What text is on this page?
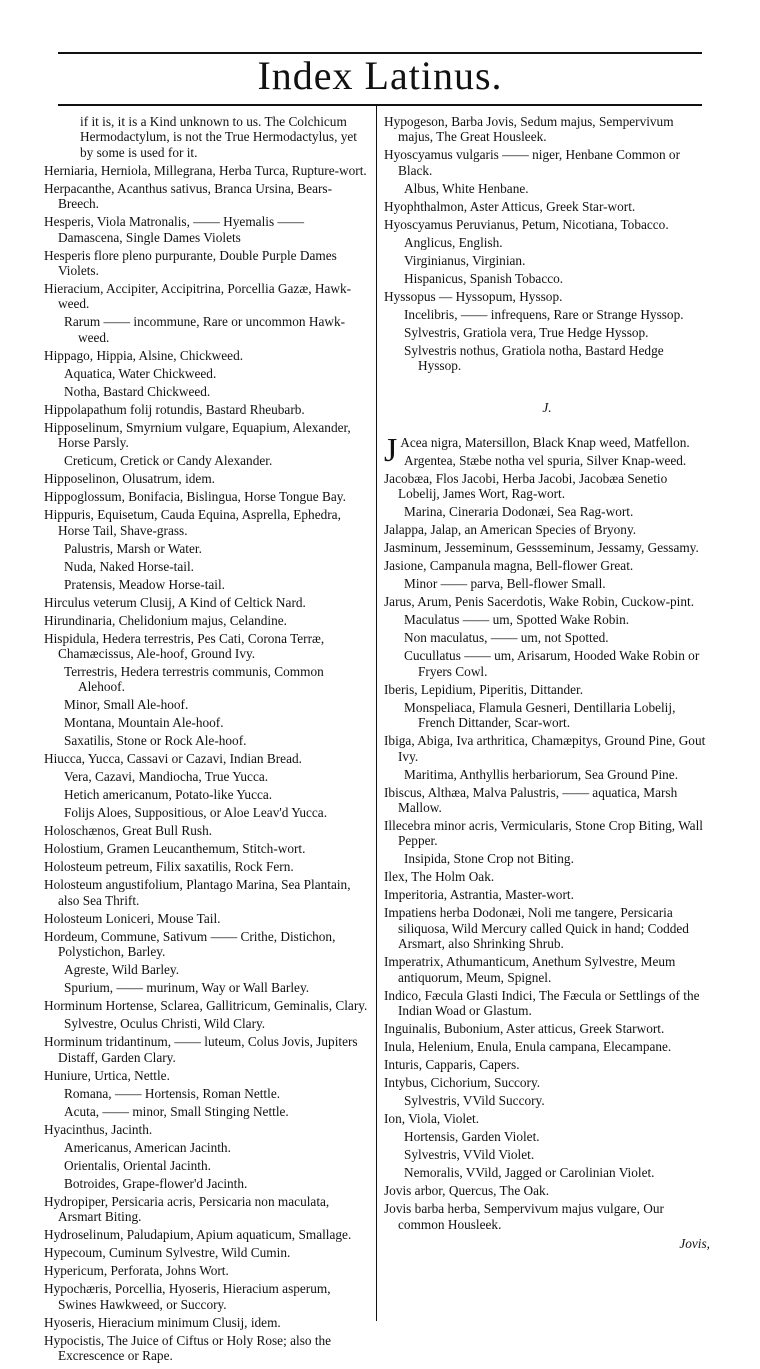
Index Latinus.
if it is, it is a Kind unknown to us. The Colchicum Hermodactylum, is not the True Hermodactylus, yet by some is used for it.
Herniaria, Herniola, Millegrana, Herba Turca, Rupture-wort.
Herpacanthe, Acanthus sativus, Branca Ursina, Bears-Breech.
Hesperis, Viola Matronalis, —— Hyemalis —— Damascena, Single Dames Violets
Hesperis flore pleno purpurante, Double Purple Dames Violets.
Hieracium, Accipiter, Accipitrina, Porcellia Gazæ, Hawk-weed.
Rarum —— incommune, Rare or uncommon Hawk-weed.
Hippago, Hippia, Alsine, Chickweed.
Aquatica, Water Chickweed.
Notha, Bastard Chickweed.
Hippolapathum folij rotundis, Bastard Rheubarb.
Hipposelinum, Smyrnium vulgare, Equapium, Alexander, Horse Parsly.
Creticum, Cretick or Candy Alexander.
Hipposelinon, Olusatrum, idem.
Hippoglossum, Bonifacia, Bislingua, Horse Tongue Bay.
Hippuris, Equisetum, Cauda Equina, Asprella, Ephedra, Horse Tail, Shave-grass.
Palustris, Marsh or Water.
Nuda, Naked Horse-tail.
Pratensis, Meadow Horse-tail.
Hirculus veterum Clusij, A Kind of Celtick Nard.
Hirundinaria, Chelidonium majus, Celandine.
Hispidula, Hedera terrestris, Pes Cati, Corona Terræ, Chamæcissus, Ale-hoof, Ground Ivy.
Terrestris, Hedera terrestris communis, Common Alehoof.
Minor, Small Ale-hoof.
Montana, Mountain Ale-hoof.
Saxatilis, Stone or Rock Ale-hoof.
Hiucca, Yucca, Cassavi or Cazavi, Indian Bread.
Vera, Cazavi, Mandiocha, True Yucca.
Hetich americanum, Potato-like Yucca.
Folijs Aloes, Suppositious, or Aloe Leav'd Yucca.
Holoschænos, Great Bull Rush.
Holostium, Gramen Leucanthemum, Stitch-wort.
Holosteum petreum, Filix saxatilis, Rock Fern.
Holosteum angustifolium, Plantago Marina, Sea Plantain, also Sea Thrift.
Holosteum Loniceri, Mouse Tail.
Hordeum, Commune, Sativum —— Crithe, Distichon, Polystichon, Barley.
Agreste, Wild Barley.
Spurium, —— murinum, Way or Wall Barley.
Horminum Hortense, Sclarea, Gallitricum, Geminalis, Clary.
Sylvestre, Oculus Christi, Wild Clary.
Horminum tridantinum, —— luteum, Colus Jovis, Jupiters Distaff, Garden Clary.
Huniure, Urtica, Nettle.
Romana, —— Hortensis, Roman Nettle.
Acuta, —— minor, Small Stinging Nettle.
Hyacinthus, Jacinth.
Americanus, American Jacinth.
Orientalis, Oriental Jacinth.
Botroides, Grape-flower'd Jacinth.
Hydropiper, Persicaria acris, Persicaria non maculata, Arsmart Biting.
Hydroselinum, Paludapium, Apium aquaticum, Smallage.
Hypecoum, Cuminum Sylvestre, Wild Cumin.
Hypericum, Perforata, Johns Wort.
Hypochæris, Porcellia, Hyoseris, Hieracium asperum, Swines Hawkweed, or Succory.
Hyoseris, Hieracium minimum Clusij, idem.
Hypocistis, The Juice of Ciftus or Holy Rose; also the Excrescence or Rape.
Hypogeson, Barba Jovis, Sedum majus, Sempervivum majus, The Great Housleek.
Hyoscyamus vulgaris —— niger, Henbane Common or Black.
Albus, White Henbane.
Hyophthalmon, Aster Atticus, Greek Star-wort.
Hyoscyamus Peruvianus, Petum, Nicotiana, Tobacco.
Anglicus, English.
Virginianus, Virginian.
Hispanicus, Spanish Tobacco.
Hyssopus — Hyssopum, Hyssop.
Incelibris, —— infrequens, Rare or Strange Hyssop.
Sylvestris, Gratiola vera, True Hedge Hyssop.
Sylvestris nothus, Gratiola notha, Bastard Hedge Hyssop.
J.
J Acea nigra, Matersillon, Black Knap weed, Matfellon.
Argentea, Stæbe notha vel spuria, Silver Knap-weed.
Jacobæa, Flos Jacobi, Herba Jacobi, Jacobæa Senetio Lobelij, James Wort, Rag-wort.
Marina, Cineraria Dodonæi, Sea Rag-wort.
Jalappa, Jalap, an American Species of Bryony.
Jasminum, Jesseminum, Gessseminum, Jessamy, Gessamy.
Jasione, Campanula magna, Bell-flower Great.
Minor —— parva, Bell-flower Small.
Jarus, Arum, Penis Sacerdotis, Wake Robin, Cuckow-pint.
Maculatus —— um, Spotted Wake Robin.
Non maculatus, —— um, not Spotted.
Cucullatus —— um, Arisarum, Hooded Wake Robin or Fryers Cowl.
Iberis, Lepidium, Piperitis, Dittander.
Monspeliaca, Flamula Gesneri, Dentillaria Lobelij, French Dittander, Scar-wort.
Ibiga, Abiga, Iva arthritica, Chamæpitys, Ground Pine, Gout Ivy.
Maritima, Anthyllis herbariorum, Sea Ground Pine.
Ibiscus, Althæa, Malva Palustris, —— aquatica, Marsh Mallow.
Illecebra minor acris, Vermicularis, Stone Crop Biting, Wall Pepper.
Insipida, Stone Crop not Biting.
Ilex, The Holm Oak.
Imperitoria, Astrantia, Master-wort.
Impatiens herba Dodonæi, Noli me tangere, Persicaria siliquosa, Wild Mercury called Quick in hand; Codded Arsmart, also Shrinking Shrub.
Imperatrix, Athumanticum, Anethum Sylvestre, Meum antiquorum, Meum, Spignel.
Indico, Fæcula Glasti Indici, The Fæcula or Settlings of the Indian Woad or Glastum.
Inguinalis, Bubonium, Aster atticus, Greek Starwort.
Inula, Helenium, Enula, Enula campana, Elecampane.
Inturis, Capparis, Capers.
Intybus, Cichorium, Succory.
Sylvestris, VVild Succory.
Ion, Viola, Violet.
Hortensis, Garden Violet.
Sylvestris, VVild Violet.
Nemoralis, VVild, Jagged or Carolinian Violet.
Jovis arbor, Quercus, The Oak.
Jovis barba herba, Sempervivum majus vulgare, Our common Housleek.
Jovis,
